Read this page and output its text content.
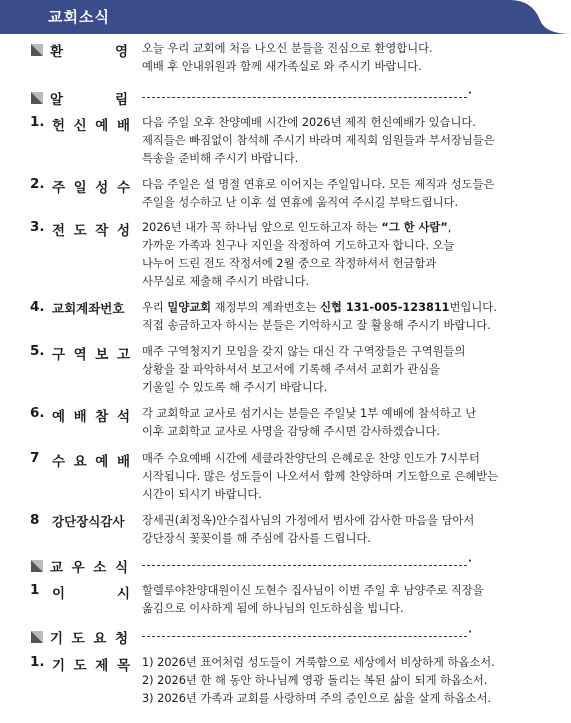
교회소식
환 영 오늘 우리 교회에 처음 나오신 분들을 진심으로 환영합니다.

예배 후 안내위원과 함께 새가족실로 와 주시기 바랍니다.

알 림	·
1. 헌 신 예 배 다음 주일 오후 찬양예배 시간에 2026년 제직 헌신예배가 있습니다.

제직들은 빠짐없이 참석해 주시기 바라며 제직회 임원들과 부서장님들은

특송을 준비해 주시기 바랍니다.

2. 주 일 성 수 다음 주일은 설 명절 연휴로 이어지는 주일입니다. 모든 제직과 성도들은

주일을 성수하고 난 이후 설 연휴에 움직여 주시길 부탁드립니다.

3. 전 도 작 성 2026년 내가 꼭 하나님 앞으로 인도하고자 하는 “그 한 사람”,

가까운 가족과 친구나 지인을 작정하여 기도하고자 합니다. 오늘

나누어 드린 전도 작정서에 2월 중으로 작정하셔서 헌금함과

사무실로 제출해 주시기 바랍니다.

4. 교회계좌번호	우리 밀양교회 재정부의 계좌번호는 신협 131-005-123811번입니다.

직접 송금하고자 하시는 분들은 기억하시고 잘 활용해 주시기 바랍니다.

5. 구 역 보 고 매주 구역청지기 모임을 갖지 않는 대신 각 구역장들은 구역원들의

상황을 잘 파악하셔서 보고서에 기록해 주셔서 교회가 관심을

기울일 수 있도록 해 주시기 바랍니다.

6. 예 배 참 석 각 교회학교 교사로 섬기시는 분들은 주일낮 1부 예배에 참석하고 난

이후 교회학교 교사로 사명을 감당해 주시면 감사하겠습니다.

7 수 요 예 배 매주 수요예배 시간에 세클라찬양단의 은혜로운 찬양 인도가 7시부터

시작됩니다. 많은 성도들이 나오셔서 함께 찬양하며 기도함으로 은혜받는

시간이 되시기 바랍니다.

8 강단장식감사	장세권(최정옥)안수집사님의 가정에서 범사에 감사한 마음을 담아서

강단장식 꽃꽂이를 해 주심에 감사를 드립니다.

교 우 소 식	·
1 이 시 할렐루야찬양대원이신 도현수 집사님이 이번 주일 후 남양주로 직장을

옮김으로 이사하게 됨에 하나님의 인도하심을 빕니다.

기 도 요 청	·
1. 기 도 제 목 1) 2026년 표어처럼 성도들이 거룩함으로 세상에서 비상하게 하옵소서.

2) 2026년 한 해 동안 하나님께 영광 돌리는 복된 삶이 되게 하옵소서.

3) 2026년 가족과 교회를 사랑하며 주의 증인으로 삶을 살게 하옵소서.
